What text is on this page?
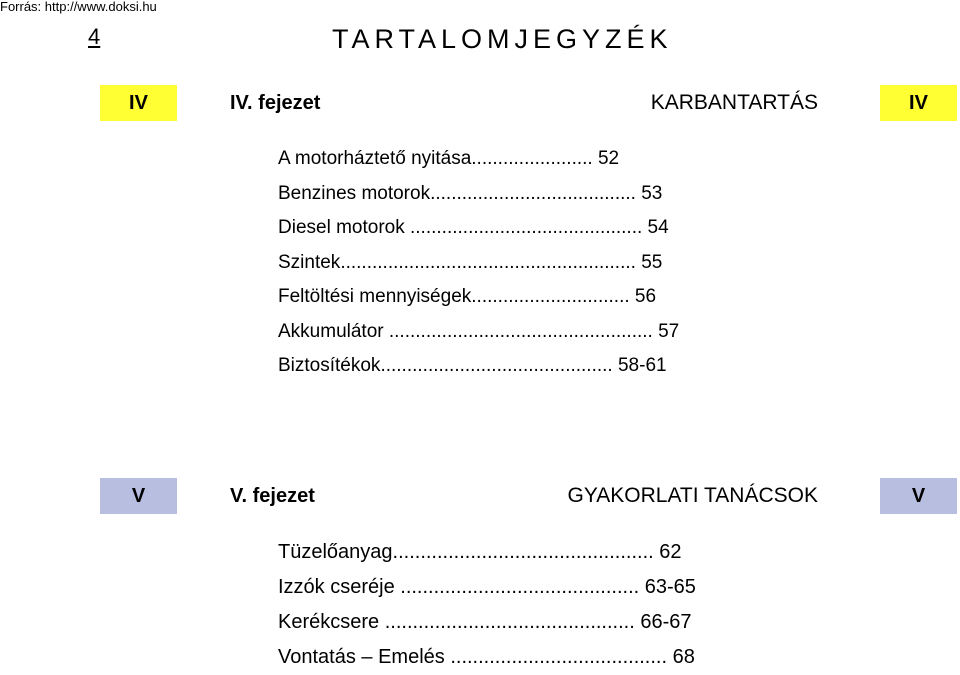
Forrás: http://www.doksi.hu
4	TARTALOMJEGYZÉK
IV	IV. fejezet	KARBANTARTÁS	IV
A motorháztető nyitása....................... 52
Benzines motorok....................................... 53
Diesel motorok ............................................ 54
Szintek........................................................ 55
Feltöltési mennyiségek.............................. 56
Akkumulátor .................................................. 57
Biztosítékok............................................ 58-61
V	V. fejezet	GYAKORLATI TANÁCSOK	V
Tüzelőanyag............................................... 62
Izzók cseréje ........................................... 63-65
Kerékcsere ............................................. 66-67
Vontatás – Emelés ....................................... 68
